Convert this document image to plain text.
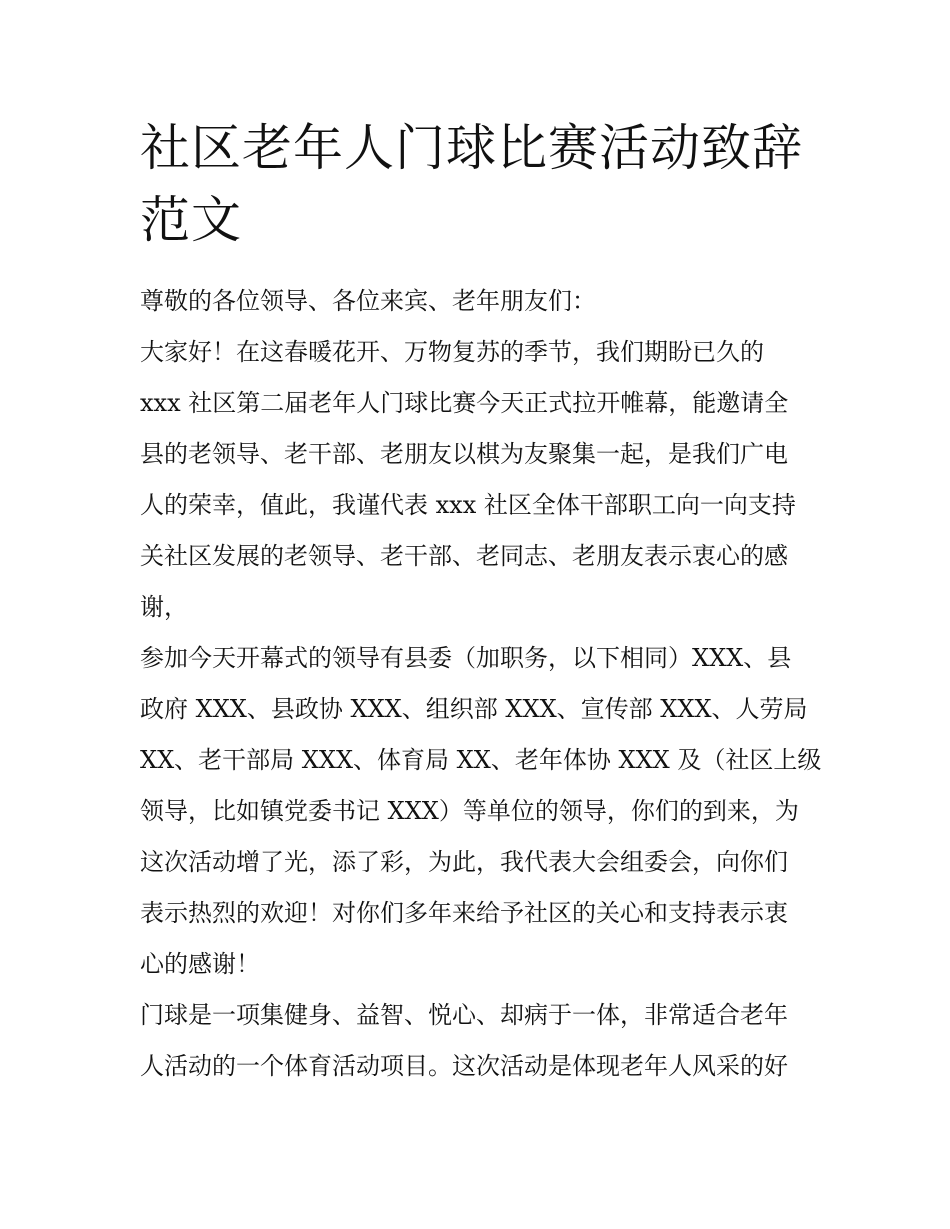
社区老年人门球比赛活动致辞
范文
尊敬的各位领导、各位来宾、老年朋友们：
大家好！在这春暖花开、万物复苏的季节，我们期盼已久的
xxx 社区第二届老年人门球比赛今天正式拉开帷幕，能邀请全
县的老领导、老干部、老朋友以棋为友聚集一起，是我们广电
人的荣幸，值此，我谨代表 xxx 社区全体干部职工向一向支持
关社区发展的老领导、老干部、老同志、老朋友表示衷心的感
谢，
参加今天开幕式的领导有县委（加职务，以下相同）XXX、县
政府 XXX、县政协 XXX、组织部 XXX、宣传部 XXX、人劳局
XX、老干部局 XXX、体育局 XX、老年体协 XXX 及（社区上级
领导，比如镇党委书记 XXX）等单位的领导，你们的到来，为
这次活动增了光，添了彩，为此，我代表大会组委会，向你们
表示热烈的欢迎！对你们多年来给予社区的关心和支持表示衷
心的感谢！
门球是一项集健身、益智、悦心、却病于一体，非常适合老年
人活动的一个体育活动项目。这次活动是体现老年人风采的好
